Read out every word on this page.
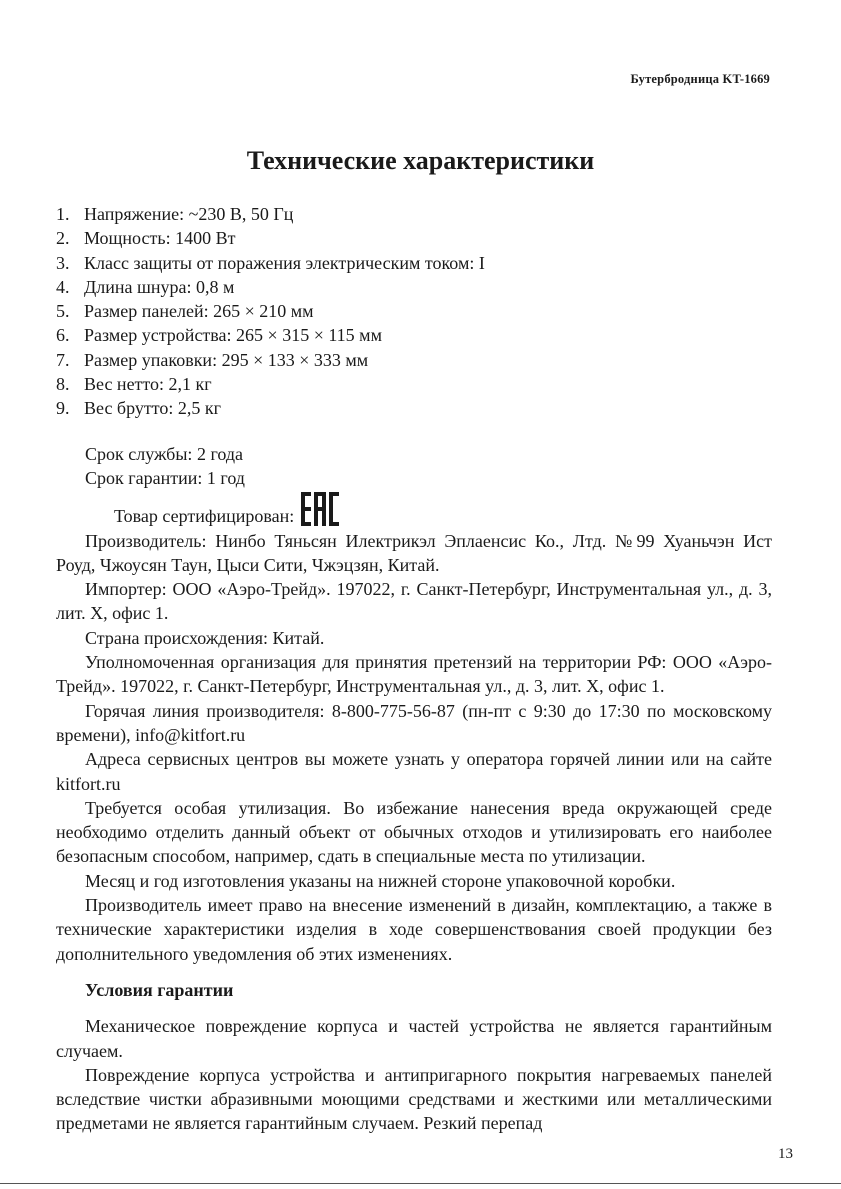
Бутербродница KT-1669
Технические характеристики
1. Напряжение: ~230 В, 50 Гц
2. Мощность: 1400 Вт
3. Класс защиты от поражения электрическим током: I
4. Длина шнура: 0,8 м
5. Размер панелей: 265 × 210 мм
6. Размер устройства: 265 × 315 × 115 мм
7. Размер упаковки: 295 × 133 × 333 мм
8. Вес нетто: 2,1 кг
9. Вес брутто: 2,5 кг

Срок службы: 2 года

Срок гарантии: 1 год

Товар сертифицирован:

Производитель: Нинбо Тяньсян Илектрикэл Эплаенсис Ко., Лтд. №99 Хуаньчэн Ист Роуд, Чжоусян Таун, Цыси Сити, Чжэцзян, Китай.

Импортер: ООО «Аэро-Трейд». 197022, г. Санкт-Петербург, Инструментальная ул., д. 3, лит. Х, офис 1.

Страна происхождения: Китай.

Уполномоченная организация для принятия претензий на территории РФ: ООО «Аэро-Трейд». 197022, г. Санкт-Петербург, Инструментальная ул., д. 3, лит. Х, офис 1.

Горячая линия производителя: 8-800-775-56-87 (пн-пт с 9:30 до 17:30 по московскому времени), info@kitfort.ru

Адреса сервисных центров вы можете узнать у оператора горячей линии или на сайте kitfort.ru

Требуется особая утилизация. Во избежание нанесения вреда окружающей среде необходимо отделить данный объект от обычных отходов и утилизировать его наиболее безопасным способом, например, сдать в специальные места по утилизации.

Месяц и год изготовления указаны на нижней стороне упаковочной коробки.

Производитель имеет право на внесение изменений в дизайн, комплектацию, а также в технические характеристики изделия в ходе совершенствования своей продукции без дополнительного уведомления об этих изменениях.

Условия гарантии

Механическое повреждение корпуса и частей устройства не является гарантийным случаем.

Повреждение корпуса устройства и антипригарного покрытия нагреваемых панелей вследствие чистки абразивными моющими средствами и жесткими или металлическими предметами не является гарантийным случаем. Резкий перепад

13
